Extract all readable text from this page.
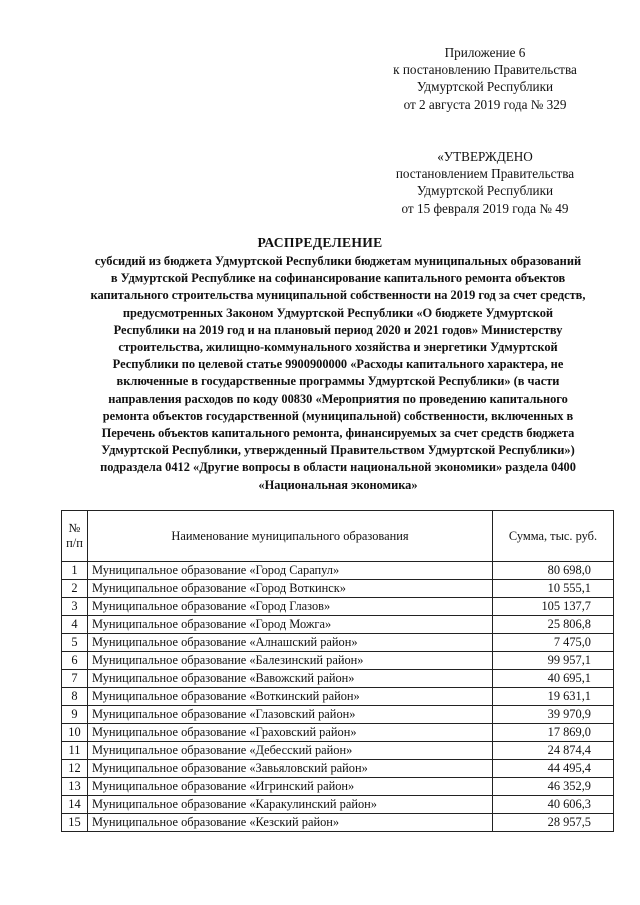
Приложение 6
к постановлению Правительства
Удмуртской Республики
от 2 августа 2019 года № 329
«УТВЕРЖДЕНО
постановлением Правительства
Удмуртской Республики
от 15 февраля 2019 года № 49
РАСПРЕДЕЛЕНИЕ
субсидий из бюджета Удмуртской Республики бюджетам муниципальных образований
в Удмуртской Республике на софинансирование капитального ремонта объектов
капитального строительства муниципальной собственности на 2019 год за счет средств,
предусмотренных Законом Удмуртской Республики «О бюджете Удмуртской
Республики на 2019 год и на плановый период 2020 и 2021 годов» Министерству
строительства, жилищно-коммунального хозяйства и энергетики Удмуртской
Республики по целевой статье 9900900000 «Расходы капитального характера, не
включенные в государственные программы Удмуртской Республики» (в части
направления расходов по коду 00830 «Мероприятия по проведению капитального
ремонта объектов государственной (муниципальной) собственности, включенных в
Перечень объектов капитального ремонта, финансируемых за счет средств бюджета
Удмуртской Республики, утвержденный Правительством Удмуртской Республики»)
подраздела 0412 «Другие вопросы в области национальной экономики» раздела 0400
«Национальная экономика»
№
п/п	Наименование муниципального образования	Сумма, тыс. руб.
1	Муниципальное образование «Город Сарапул»	80 698,0
2	Муниципальное образование «Город Воткинск»	10 555,1
3	Муниципальное образование «Город Глазов»	105 137,7
4	Муниципальное образование «Город Можга»	25 806,8
5	Муниципальное образование «Алнашский район»	7 475,0
6	Муниципальное образование «Балезинский район»	99 957,1
7	Муниципальное образование «Вавожский район»	40 695,1
8	Муниципальное образование «Воткинский район»	19 631,1
9	Муниципальное образование «Глазовский район»	39 970,9
10	Муниципальное образование «Граховский район»	17 869,0
11	Муниципальное образование «Дебесский район»	24 874,4
12	Муниципальное образование «Завьяловский район»	44 495,4
13	Муниципальное образование «Игринский район»	46 352,9
14	Муниципальное образование «Каракулинский район»	40 606,3
15	Муниципальное образование «Кезский район»	28 957,5
